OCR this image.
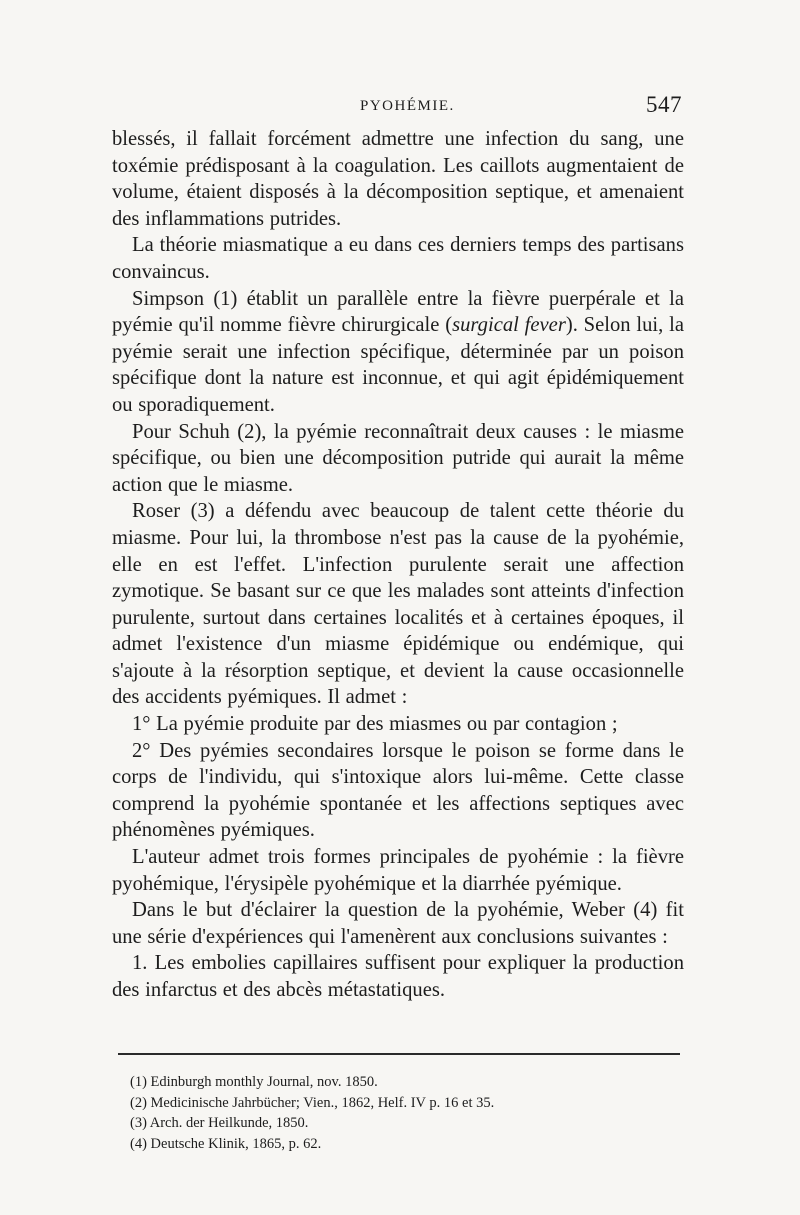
PYOHÉMIE.	547

blessés, il fallait forcément admettre une infection du sang, une toxémie prédisposant à la coagulation. Les caillots augmentaient de volume, étaient disposés à la décomposition septique, et amenaient des inflammations putrides.

La théorie miasmatique a eu dans ces derniers temps des partisans convaincus.

Simpson (1) établit un parallèle entre la fièvre puerpérale et la pyémie qu'il nomme fièvre chirurgicale (surgical fever). Selon lui, la pyémie serait une infection spécifique, déterminée par un poison spécifique dont la nature est inconnue, et qui agit épidémiquement ou sporadiquement.

Pour Schuh (2), la pyémie reconnaîtrait deux causes : le miasme spécifique, ou bien une décomposition putride qui aurait la même action que le miasme.

Roser (3) a défendu avec beaucoup de talent cette théorie du miasme. Pour lui, la thrombose n'est pas la cause de la pyohémie, elle en est l'effet. L'infection purulente serait une affection zymotique. Se basant sur ce que les malades sont atteints d'infection purulente, surtout dans certaines localités et à certaines époques, il admet l'existence d'un miasme épidémique ou endémique, qui s'ajoute à la résorption septique, et devient la cause occasionnelle des accidents pyémiques. Il admet :

1° La pyémie produite par des miasmes ou par contagion ;

2° Des pyémies secondaires lorsque le poison se forme dans le corps de l'individu, qui s'intoxique alors lui-même. Cette classe comprend la pyohémie spontanée et les affections septiques avec phénomènes pyémiques.

L'auteur admet trois formes principales de pyohémie : la fièvre pyohémique, l'érysipèle pyohémique et la diarrhée pyémique.

Dans le but d'éclairer la question de la pyohémie, Weber (4) fit une série d'expériences qui l'amenèrent aux conclusions suivantes :

1. Les embolies capillaires suffisent pour expliquer la production des infarctus et des abcès métastatiques.

(1) Edinburgh monthly Journal, nov. 1850.
(2) Medicinische Jahrbücher; Vien., 1862, Helf. IV p. 16 et 35.
(3) Arch. der Heilkunde, 1850.
(4) Deutsche Klinik, 1865, p. 62.
